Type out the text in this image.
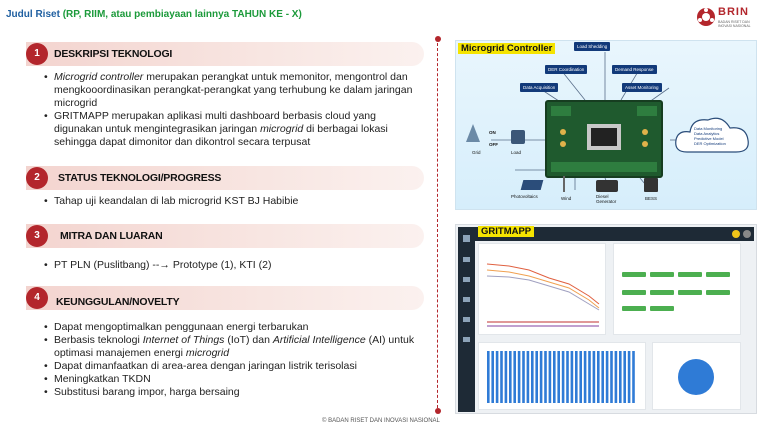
Judul Riset (RP, RIIM, atau pembiayaan lainnya TAHUN KE - X)	BRIN
BADAN RISET DAN INOVASI NASIONAL
1	DESKRIPSI TEKNOLOGI
• Microgrid controller merupakan perangkat untuk memonitor, mengontrol dan mengkooordinasikan perangkat-perangkat yang terhubung ke dalam jaringan microgrid
• GRITMAPP merupakan aplikasi multi dashboard berbasis cloud yang digunakan untuk mengintegrasikan jaringan microgrid di berbagai lokasi sehingga dapat dimonitor dan dikontrol secara terpusat
2	STATUS TEKNOLOGI/PROGRESS
• Tahap uji keandalan di lab microgrid KST BJ Habibie
3	MITRA DAN LUARAN
• PT PLN (Puslitbang) --→ Prototype (1), KTI (2)
4	KEUNGGULAN/NOVELTY
• Dapat mengoptimalkan penggunaan energi terbarukan
• Berbasis teknologi Internet of Things (IoT) dan Artificial Intelligence (AI) untuk optimasi manajemen energi microgrid
• Dapat dimanfaatkan di area-area dengan jaringan listrik terisolasi
• Meningkatkan TKDN
• Substitusi barang impor, harga bersaing
Microgrid Controller	Load Shedding
DER Coordination	Demand Response
Data Acquisition	Asset Monitoring
Grid
ON
OFF
Load
Photovoltaics	Wind	Diesel Generator
BESS
Data Monitoring
Data Analytics
Predictive Model
DER Optimization
GRITMAPP
© BADAN RISET DAN INOVASI NASIONAL
